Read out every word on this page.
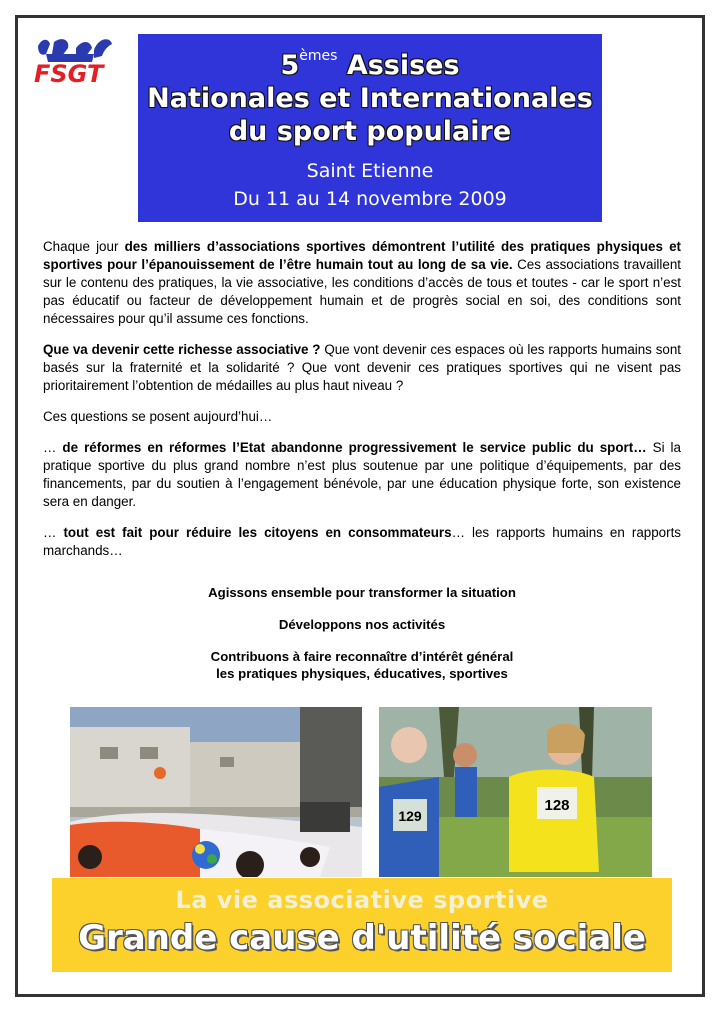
FSGT	5èmes Assises
Nationales et Internationales
du sport populaire
Saint Etienne
Du 11 au 14 novembre 2009

Chaque jour des milliers d’associations sportives démontrent l’utilité des pratiques physiques et sportives pour l’épanouissement de l’être humain tout au long de sa vie. Ces associations travaillent sur le contenu des pratiques, la vie associative, les conditions d’accès de tous et toutes - car le sport n’est pas éducatif ou facteur de développement humain et de progrès social en soi, des conditions sont nécessaires pour qu’il assume ces fonctions.

Que va devenir cette richesse associative ? Que vont devenir ces espaces où les rapports humains sont basés sur la fraternité et la solidarité ? Que vont devenir ces pratiques sportives qui ne visent pas prioritairement l’obtention de médailles au plus haut niveau ?

Ces questions se posent aujourd’hui…

… de réformes en réformes l’Etat abandonne progressivement le service public du sport… Si la pratique sportive du plus grand nombre n’est plus soutenue par une politique d’équipements, par des financements, par du soutien à l’engagement bénévole, par une éducation physique forte, son existence sera en danger.

… tout est fait pour réduire les citoyens en consommateurs… les rapports humains en rapports marchands…

Agissons ensemble pour transformer la situation

Développons nos activités

Contribuons à faire reconnaître d’intérêt général
les pratiques physiques, éducatives, sportives
129
128
La vie associative sportive
Grande cause d'utilité sociale
